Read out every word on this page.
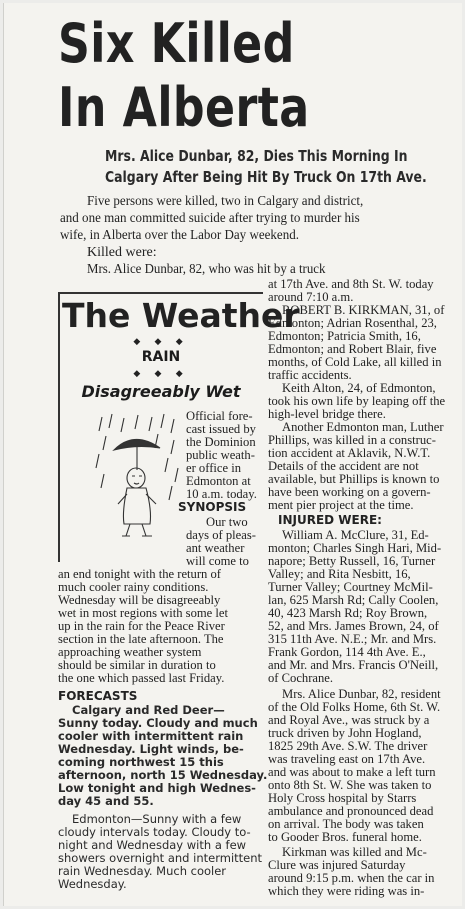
Six Killed
In Alberta
Mrs. Alice Dunbar, 82, Dies This Morning In
Calgary After Being Hit By Truck On 17th Ave.
Five persons were killed, two in Calgary and district,
and one man committed suicide after trying to murder his
wife, in Alberta over the Labor Day weekend.
Killed were:
Mrs. Alice Dunbar, 82, who was hit by a truck
The Weather
◆ ◆ ◆
RAIN
◆ ◆ ◆
Disagreeably Wet
Official fore-
cast issued by
the Dominion
public weath-
er office in
Edmonton at
10 a.m. today.
SYNOPSIS
Our two
days of pleas-
ant weather
will come to
an end tonight with the return of
much cooler rainy conditions.
Wednesday will be disagreeably
wet in most regions with some let
up in the rain for the Peace River
section in the late afternoon. The
approaching weather system
should be similar in duration to
the one which passed last Friday.
FORECASTS
Calgary and Red Deer—
Sunny today. Cloudy and much
cooler with intermittent rain
Wednesday. Light winds, be-
coming northwest 15 this
afternoon, north 15 Wednesday.
Low tonight and high Wednes-
day 45 and 55.
Edmonton—Sunny with a few
cloudy intervals today. Cloudy to-
night and Wednesday with a few
showers overnight and intermittent
rain Wednesday. Much cooler
Wednesday.
at 17th Ave. and 8th St. W. today
around 7:10 a.m.
ROBERT B. KIRKMAN, 31, of
Edmonton; Adrian Rosenthal, 23,
Edmonton; Patricia Smith, 16,
Edmonton; and Robert Blair, five
months, of Cold Lake, all killed in
traffic accidents.
Keith Alton, 24, of Edmonton,
took his own life by leaping off the
high-level bridge there.
Another Edmonton man, Luther
Phillips, was killed in a construc-
tion accident at Aklavik, N.W.T.
Details of the accident are not
available, but Phillips is known to
have been working on a govern-
ment pier project at the time.
INJURED WERE:
William A. McClure, 31, Ed-
monton; Charles Singh Hari, Mid-
napore; Betty Russell, 16, Turner
Valley; and Rita Nesbitt, 16,
Turner Valley; Courtney McMil-
lan, 625 Marsh Rd; Cally Coolen,
40, 423 Marsh Rd; Roy Brown,
52, and Mrs. James Brown, 24, of
315 11th Ave. N.E.; Mr. and Mrs.
Frank Gordon, 114 4th Ave. E.,
and Mr. and Mrs. Francis O'Neill,
of Cochrane.
Mrs. Alice Dunbar, 82, resident
of the Old Folks Home, 6th St. W.
and Royal Ave., was struck by a
truck driven by John Hogland,
1825 29th Ave. S.W. The driver
was traveling east on 17th Ave.
and was about to make a left turn
onto 8th St. W. She was taken to
Holy Cross hospital by Starrs
ambulance and pronounced dead
on arrival. The body was taken
to Gooder Bros. funeral home.
Kirkman was killed and Mc-
Clure was injured Saturday
around 9:15 p.m. when the car in
which they were riding was in-
